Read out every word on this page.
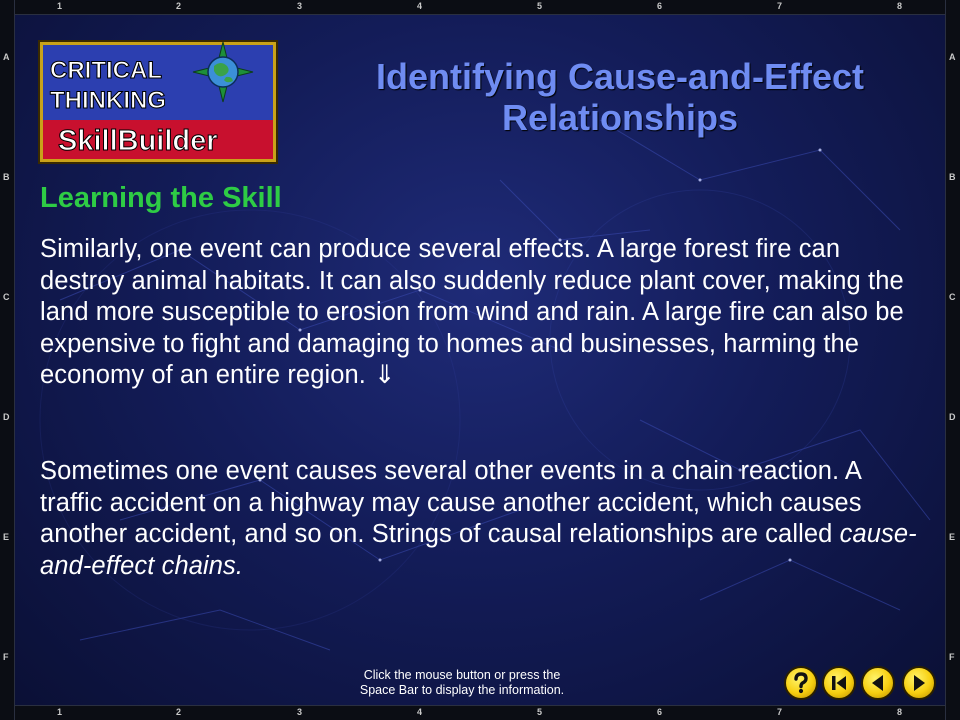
1	2	3	4	5	6	7	8
1	2	3	4	5	6	7	8
A
B
C
D
E
F
A
B
C
D
E
F
CRITICAL
THINKING
SkillBuilder
Identifying Cause-and-Effect
Relationships
Learning the Skill
Similarly, one event can produce several effects. A large forest fire can destroy animal habitats. It can also suddenly reduce plant cover, making the land more susceptible to erosion from wind and rain. A large fire can also be expensive to fight and damaging to homes and businesses, harming the economy of an entire region. ⇓
Sometimes one event causes several other events in a chain reaction. A traffic accident on a highway may cause another accident, which causes another accident, and so on. Strings of causal relationships are called cause-and-effect chains.
Click the mouse button or press the
Space Bar to display the information.
